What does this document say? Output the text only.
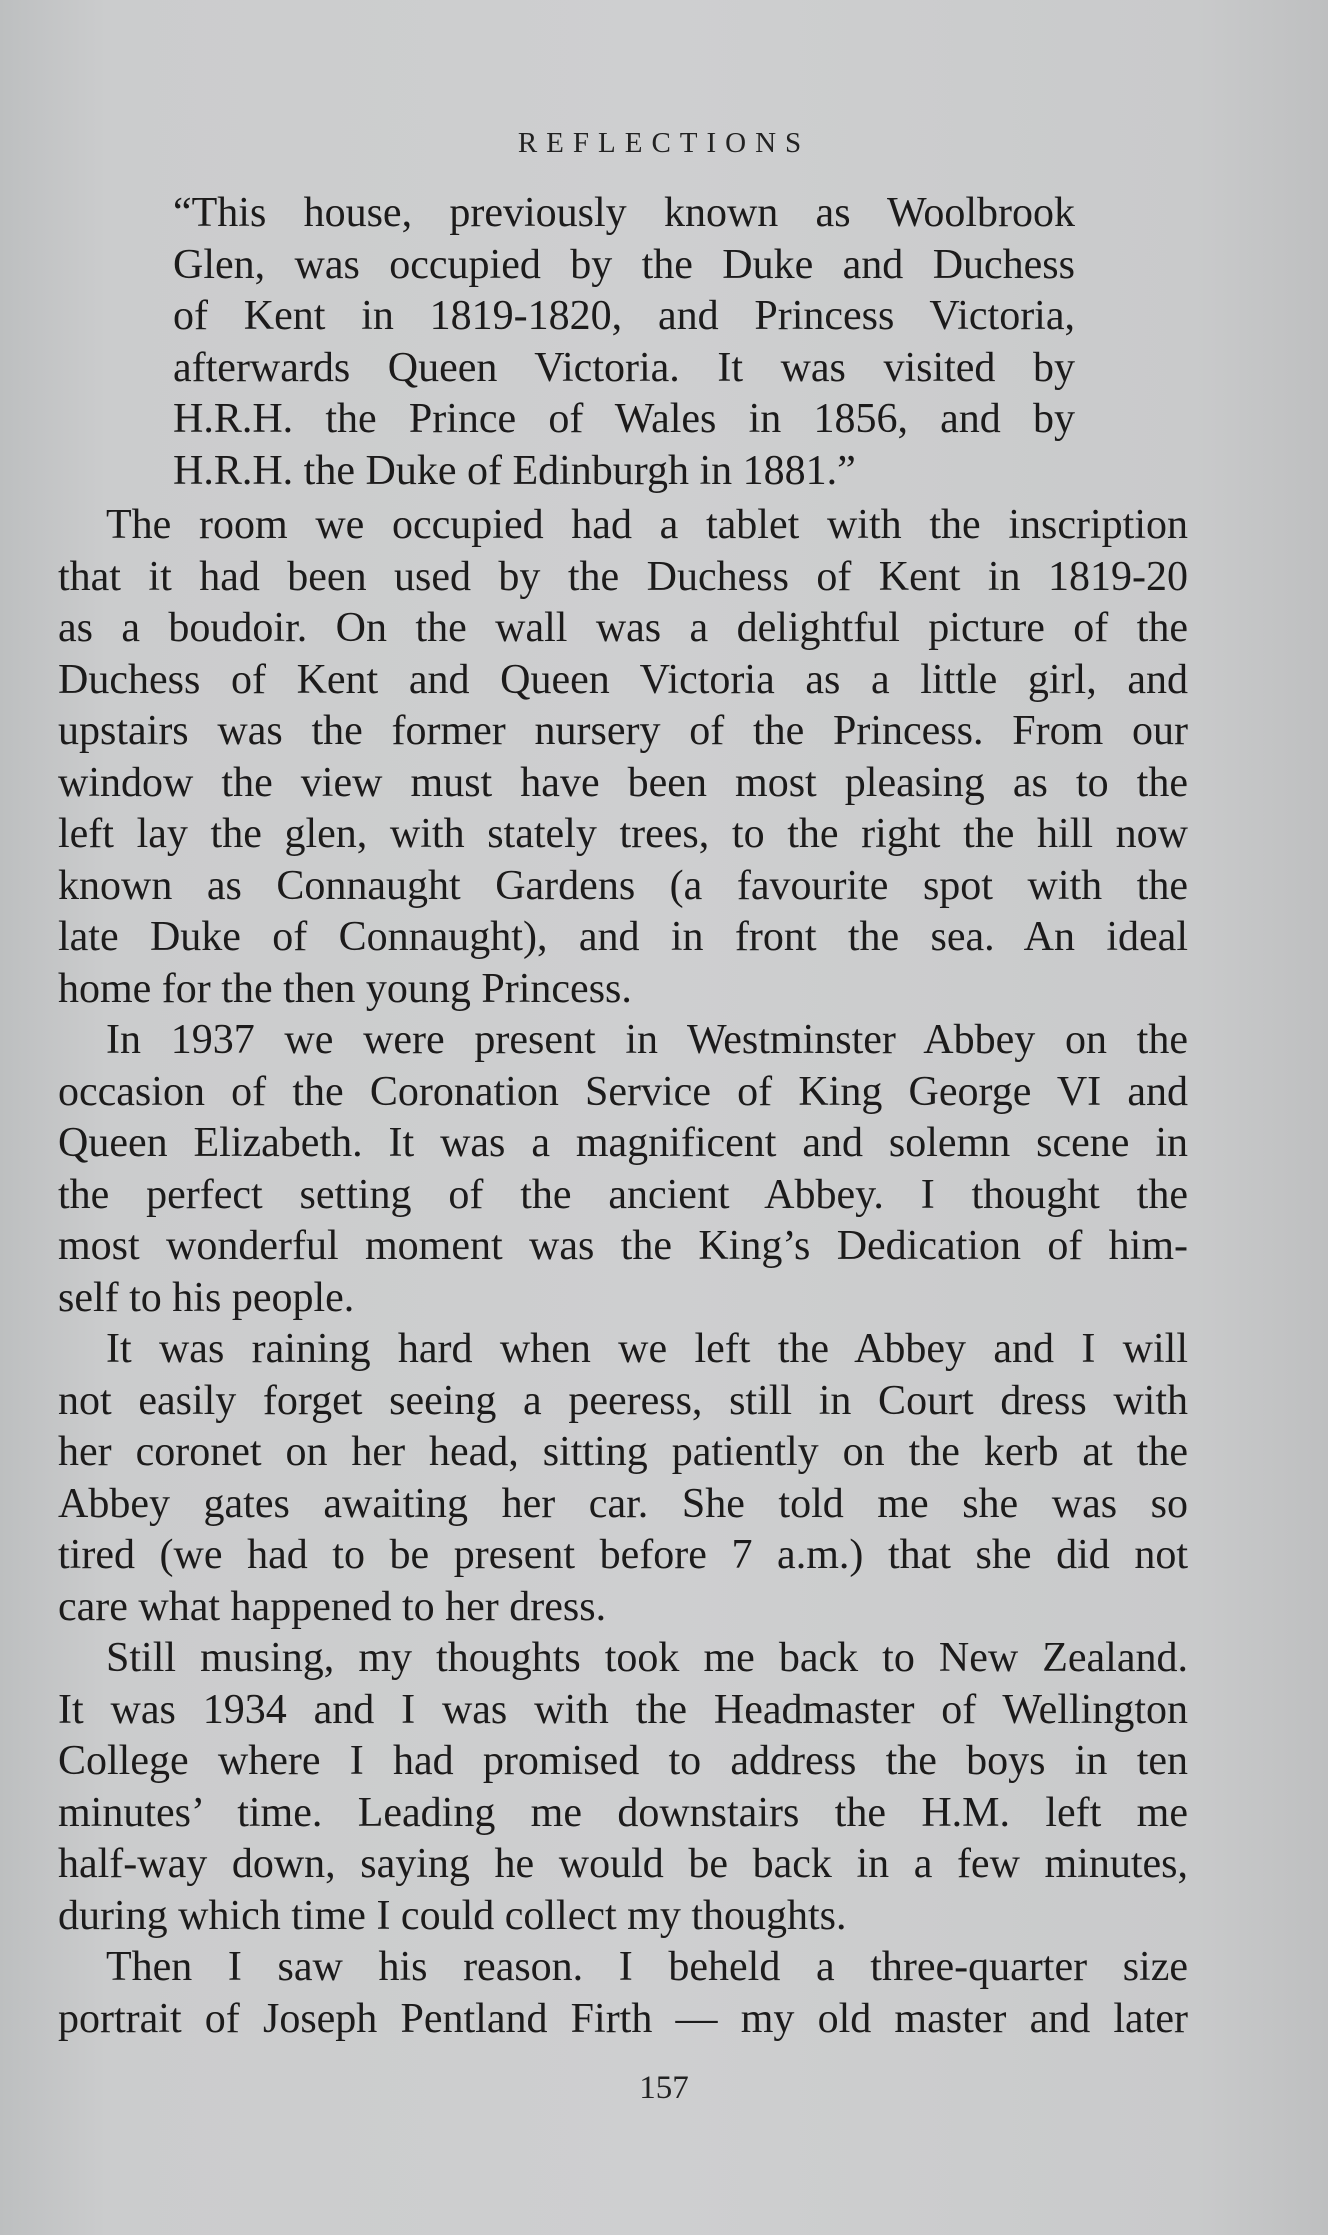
REFLECTIONS
“This house, previously known as Woolbrook
Glen, was occupied by the Duke and Duchess
of Kent in 1819-1820, and Princess Victoria,
afterwards Queen Victoria. It was visited by
H.R.H. the Prince of Wales in 1856, and by
H.R.H. the Duke of Edinburgh in 1881.”
The room we occupied had a tablet with the inscription
that it had been used by the Duchess of Kent in 1819-20
as a boudoir. On the wall was a delightful picture of the
Duchess of Kent and Queen Victoria as a little girl, and
upstairs was the former nursery of the Princess. From our
window the view must have been most pleasing as to the
left lay the glen, with stately trees, to the right the hill now
known as Connaught Gardens (a favourite spot with the
late Duke of Connaught), and in front the sea. An ideal
home for the then young Princess.
In 1937 we were present in Westminster Abbey on the
occasion of the Coronation Service of King George VI and
Queen Elizabeth. It was a magnificent and solemn scene in
the perfect setting of the ancient Abbey. I thought the
most wonderful moment was the King’s Dedication of him-
self to his people.
It was raining hard when we left the Abbey and I will
not easily forget seeing a peeress, still in Court dress with
her coronet on her head, sitting patiently on the kerb at the
Abbey gates awaiting her car. She told me she was so
tired (we had to be present before 7 a.m.) that she did not
care what happened to her dress.
Still musing, my thoughts took me back to New Zealand.
It was 1934 and I was with the Headmaster of Wellington
College where I had promised to address the boys in ten
minutes’ time. Leading me downstairs the H.M. left me
half-way down, saying he would be back in a few minutes,
during which time I could collect my thoughts.
Then I saw his reason. I beheld a three-quarter size
portrait of Joseph Pentland Firth — my old master and later
157
